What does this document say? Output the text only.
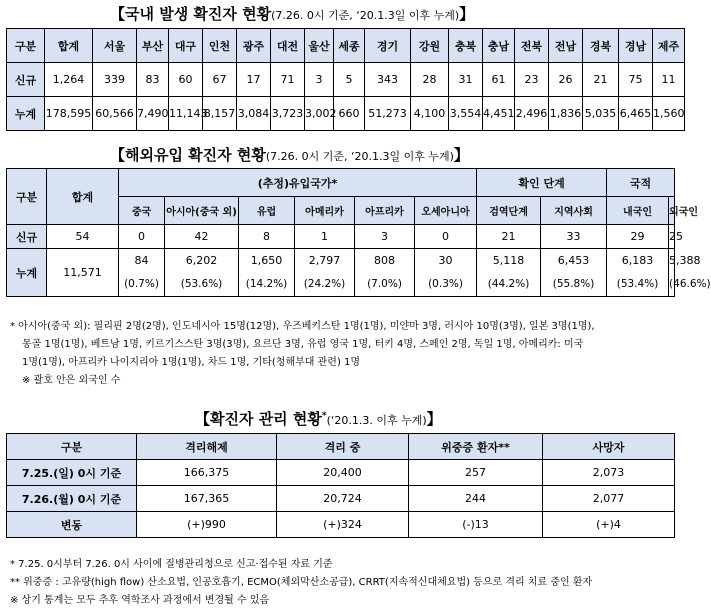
【국내 발생 확진자 현황(7.26. 0시 기준, ‘20.1.3일 이후 누계)】
구분	합계	서울	부산	대구	인천	광주	대전	울산	세종	경기	강원	충북	충남	전북	전남	경북	경남	제주
신규	1,264	339	83	60	67	17	71	3	5	343	28	31	61	23	26	21	75	11
누계	178,595	60,566	7,490	11,143	8,157	3,084	3,723	3,002	660	51,273	4,100	3,554	4,451	2,496	1,836	5,035	6,465	1,560
【해외유입 확진자 현황(7.26. 0시 기준, ‘20.1.3일 이후 누계)】
구분	합계	(추정)유입국가*						확인 단계		국적		
		중국	아시아(중국 외)	유럽	아메리카	아프리카	오세아니아	검역단계	지역사회	내국인	외국인	
신규	54	0	42	8	1	3	0	21	33	29	25	
누계	11,571	84	6,202	1,650	2,797	808	30	5,118	6,453	6,183	5,388	
		(0.7%)	(53.6%)	(14.2%)	(24.2%)	(7.0%)	(0.3%)	(44.2%)	(55.8%)	(53.4%)	(46.6%)	
* 아시아(중국 외): 필리핀 2명(2명), 인도네시아 15명(12명), 우즈베키스탄 1명(1명), 미얀마 3명, 러시아 10명(3명), 일본 3명(1명),
몽골 1명(1명), 베트남 1명, 키르기스스탄 3명(3명), 요르단 3명, 유럽 영국 1명, 터키 4명, 스페인 2명, 독일 1명, 아메리카: 미국
1명(1명), 아프리카 나이지리아 1명(1명), 차드 1명, 기타(청해부대 관련) 1명
※ 괄호 안은 외국인 수
【확진자 관리 현황*(‘20.1.3. 이후 누계)】
구분	격리해제	격리 중	위중증 환자**	사망자
7.25.(일) 0시 기준	166,375	20,400	257	2,073
7.26.(월) 0시 기준	167,365	20,724	244	2,077
변동	(+)990	(+)324	(-)13	(+)4
* 7.25. 0시부터 7.26. 0시 사이에 질병관리청으로 신고·접수된 자료 기준
** 위중증 : 고유량(high flow) 산소요법, 인공호흡기, ECMO(체외막산소공급), CRRT(지속적신대체요법) 등으로 격리 치료 중인 환자
※ 상기 통계는 모두 추후 역학조사 과정에서 변경될 수 있음
